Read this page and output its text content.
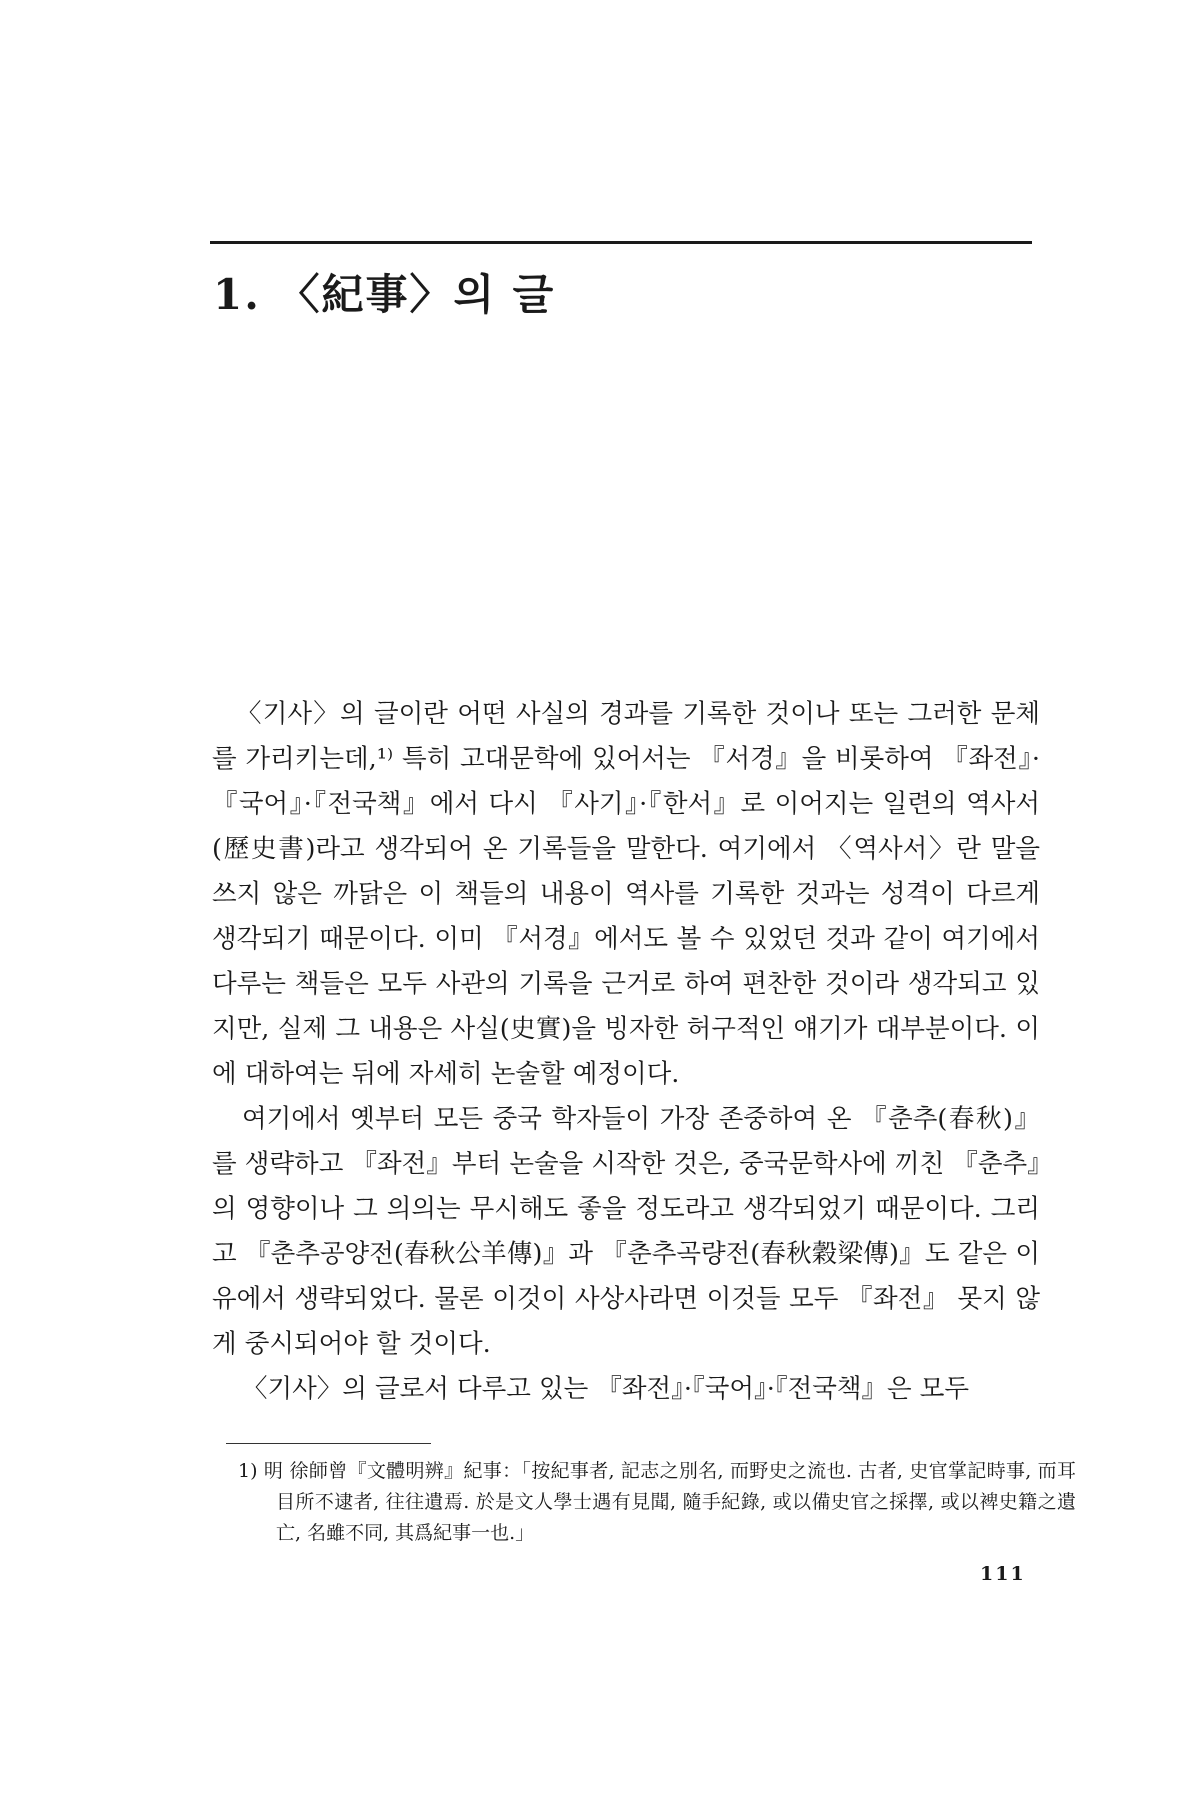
1. 〈紀事〉의 글

〈기사〉의 글이란 어떤 사실의 경과를 기록한 것이나 또는 그러한 문체를 가리키는데,¹⁾ 특히 고대문학에 있어서는 『서경』을 비롯하여 『좌전』·『국어』·『전국책』에서 다시 『사기』·『한서』로 이어지는 일련의 역사서(歷史書)라고 생각되어 온 기록들을 말한다. 여기에서 〈역사서〉란 말을 쓰지 않은 까닭은 이 책들의 내용이 역사를 기록한 것과는 성격이 다르게 생각되기 때문이다. 이미 『서경』에서도 볼 수 있었던 것과 같이 여기에서 다루는 책들은 모두 사관의 기록을 근거로 하여 편찬한 것이라 생각되고 있지만, 실제 그 내용은 사실(史實)을 빙자한 허구적인 얘기가 대부분이다. 이에 대하여는 뒤에 자세히 논술할 예정이다.

여기에서 옛부터 모든 중국 학자들이 가장 존중하여 온 『춘추(春秋)』를 생략하고 『좌전』부터 논술을 시작한 것은, 중국문학사에 끼친 『춘추』의 영향이나 그 의의는 무시해도 좋을 정도라고 생각되었기 때문이다. 그리고 『춘추공양전(春秋公羊傳)』과 『춘추곡량전(春秋穀梁傳)』도 같은 이유에서 생략되었다. 물론 이것이 사상사라면 이것들 모두 『좌전』 못지 않게 중시되어야 할 것이다.

〈기사〉의 글로서 다루고 있는 『좌전』·『국어』·『전국책』은 모두

1) 明 徐師曾『文體明辨』紀事：「按紀事者, 記志之別名, 而野史之流也. 古者, 史官掌記時事, 而耳目所不逮者, 往往遺焉. 於是文人學士遇有見聞, 隨手紀錄, 或以備史官之採擇, 或以裨史籍之遺亡, 名雖不同, 其爲紀事一也.」
111
